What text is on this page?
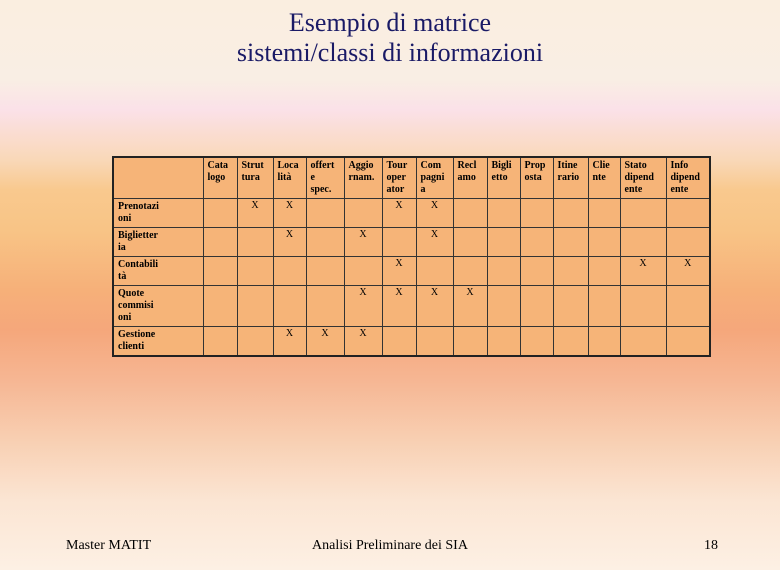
Esempio di matrice
sistemi/classi di informazioni
	Cata
logo	Strut
tura	Loca
lità	offert
e
spec.	Aggio
rnam.	Tour
oper
ator	Com
pagni
a	Recl
amo	Bigli
etto	Prop
osta	Itine
rario	Clie
nte	Stato
dipend
ente	Info
dipend
ente
Prenotazi
oni		X	X			X	X							
Biglietter
ia			X		X		X							
Contabili
tà						X							X	X
Quote
commisi
oni					X	X	X	X						
Gestione
clienti			X	X	X									
Master MATIT	Analisi Preliminare dei SIA	18
